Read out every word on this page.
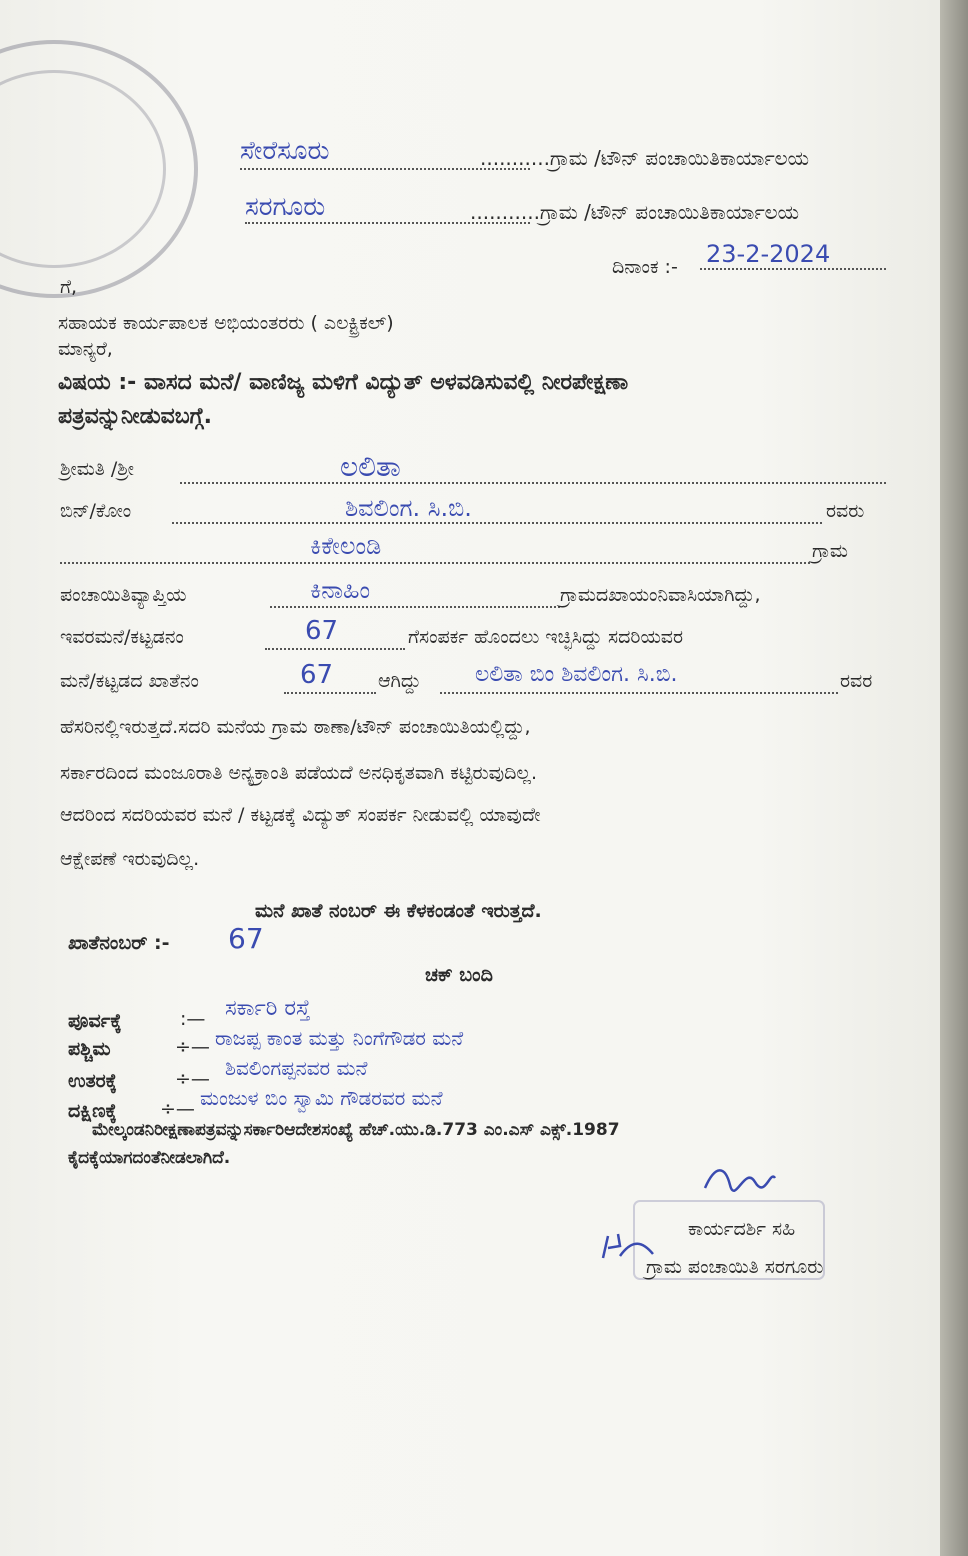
ಸೇರೆಸೂರು	...........ಗ್ರಾಮ /ಟೌನ್ ಪಂಚಾಯಿತಿಕಾರ್ಯಾಲಯ
ಸರಗೂರು	...........ಗ್ರಾಮ /ಟೌನ್ ಪಂಚಾಯಿತಿಕಾರ್ಯಾಲಯ
ದಿನಾಂಕ :- 23-2-2024
ಗೆ,
ಸಹಾಯಕ ಕಾರ್ಯಪಾಲಕ ಅಭಿಯಂತರರು ( ಎಲಕ್ಟ್ರಿಕಲ್)
ಮಾನ್ಯರೆ,
ವಿಷಯ :- ವಾಸದ ಮನೆ/ ವಾಣಿಜ್ಯ ಮಳಿಗೆ ವಿದ್ಯುತ್ ಅಳವಡಿಸುವಲ್ಲಿ ನೀರಪೇಕ್ಷಣಾ
ಪತ್ರವನ್ನುನೀಡುವಬಗ್ಗೆ.
ಶ್ರೀಮತಿ /ಶ್ರೀ	ಲಲಿತಾ
ಬಿನ್/ಕೋಂ	ಶಿವಲಿಂಗ. ಸಿ.ಬಿ.	ರವರು
ಕಿಕೇಲಂಡಿ	ಗ್ರಾಮ
ಪಂಚಾಯಿತಿವ್ಯಾಪ್ತಿಯ	ಕಿನಾಹಿಂ	ಗ್ರಾಮದಖಾಯಂನಿವಾಸಿಯಾಗಿದ್ದು,
ಇವರಮನೆ/ಕಟ್ಟಡನಂ	67	ಗೆಸಂಪರ್ಕ ಹೊಂದಲು ಇಚ್ಛಿಸಿದ್ದು ಸದರಿಯವರ
ಮನೆ/ಕಟ್ಟಡದ ಖಾತೆನಂ	67 ಆಗಿದ್ದು ಲಲಿತಾ ಬಿಂ ಶಿವಲಿಂಗ. ಸಿ.ಬಿ.	ರವರ
ಹೆಸರಿನಲ್ಲಿಇರುತ್ತದೆ.ಸದರಿ ಮನೆಯ ಗ್ರಾಮ ಠಾಣಾ/ಟೌನ್ ಪಂಚಾಯಿತಿಯಲ್ಲಿದ್ದು,
ಸರ್ಕಾರದಿಂದ ಮಂಜೂರಾತಿ ಅನ್ಯಕ್ರಾಂತಿ ಪಡೆಯದೆ ಅನಧಿಕೃತವಾಗಿ ಕಟ್ಟಿರುವುದಿಲ್ಲ.
ಆದರಿಂದ ಸದರಿಯವರ ಮನೆ / ಕಟ್ಟಡಕ್ಕೆ ವಿದ್ಯುತ್ ಸಂಪರ್ಕ ನೀಡುವಲ್ಲಿ ಯಾವುದೇ
ಆಕ್ಷೇಪಣೆ ಇರುವುದಿಲ್ಲ.
ಮನೆ ಖಾತೆ ನಂಬರ್ ಈ ಕೆಳಕಂಡಂತೆ ಇರುತ್ತದೆ.
ಖಾತೆನಂಬರ್ :- 67
ಚಕ್ ಬಂದಿ
ಪೂರ್ವಕ್ಕೆ	:— ಸರ್ಕಾರಿ ರಸ್ತೆ
ಪಶ್ಚಿಮ	÷— ರಾಜಪ್ಪ ಕಾಂತ ಮತ್ತು ನಿಂಗೆಗೌಡರ ಮನೆ
ಉತರಕ್ಕೆ	÷— ಶಿವಲಿಂಗಪ್ಪನವರ ಮನೆ
ದಕ್ಷಿಣಕ್ಕೆ ÷— ಮಂಜುಳ ಬಿಂ ಸ್ವಾಮಿ ಗೌಡರವರ ಮನೆ
ಮೇಲ್ಕಂಡನಿರೀಕ್ಷಣಾಪತ್ರವನ್ನುಸರ್ಕಾರಿಆದೇಶಸಂಖ್ಯೆ ಹೆಚ್.ಯು.ಡಿ.773 ಎಂ.ಎಸ್ ಎಕ್ಸ್.1987
ಕೈದಕ್ಕೆಯಾಗದಂತೆನೀಡಲಾಗಿದೆ.
ಕಾರ್ಯದರ್ಶಿ ಸಹಿ
ಗ್ರಾಮ ಪಂಚಾಯಿತಿ ಸರಗೂರು
